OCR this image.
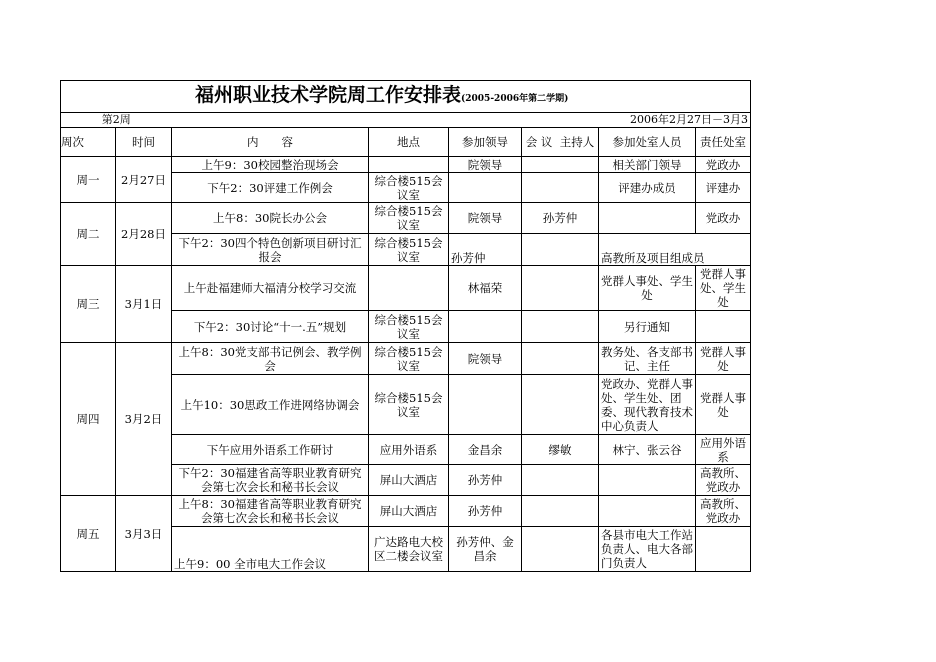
福州职业技术学院周工作安排表(2005-2006年第二学期)							
第2周						2006年2月27日－3月3	
周次	时间	内　　容	地点	参加领导	会 议  主持人	参加处室人员	责任处室
周一	2月27日	上午9：30校园整治现场会		院领导		相关部门领导	党政办
		下午2：30评建工作例会	综合楼515会议室			评建办成员	评建办
周二	2月28日	上午8：30院长办公会	综合楼515会议室	院领导	孙芳仲		党政办
		下午2：30四个特色创新项目研讨汇报会	综合楼515会议室	孙芳仲		高教所及项目组成员	
周三	3月1日	上午赴福建师大福清分校学习交流		林福荣		党群人事处、学生处	党群人事处、学生处
		下午2：30讨论“十一.五”规划	综合楼515会议室			另行通知	
周四	3月2日	上午8：30党支部书记例会、教学例会	综合楼515会议室	院领导		教务处、各支部书记、主任	党群人事处
		上午10：30思政工作进网络协调会	综合楼515会议室			党政办、党群人事处、学生处、团委、现代教育技术中心负责人	党群人事处
		下午应用外语系工作研讨	应用外语系	金昌余	缪敏	林宁、张云谷	应用外语系
		下午2：30福建省高等职业教育研究会第七次会长和秘书长会议	屏山大酒店	孙芳仲			高教所、党政办
周五	3月3日	上午8：30福建省高等职业教育研究会第七次会长和秘书长会议	屏山大酒店	孙芳仲			高教所、党政办
		上午9：00 全市电大工作会议	广达路电大校区二楼会议室	孙芳仲、金昌余		各县市电大工作站负责人、电大各部门负责人	
